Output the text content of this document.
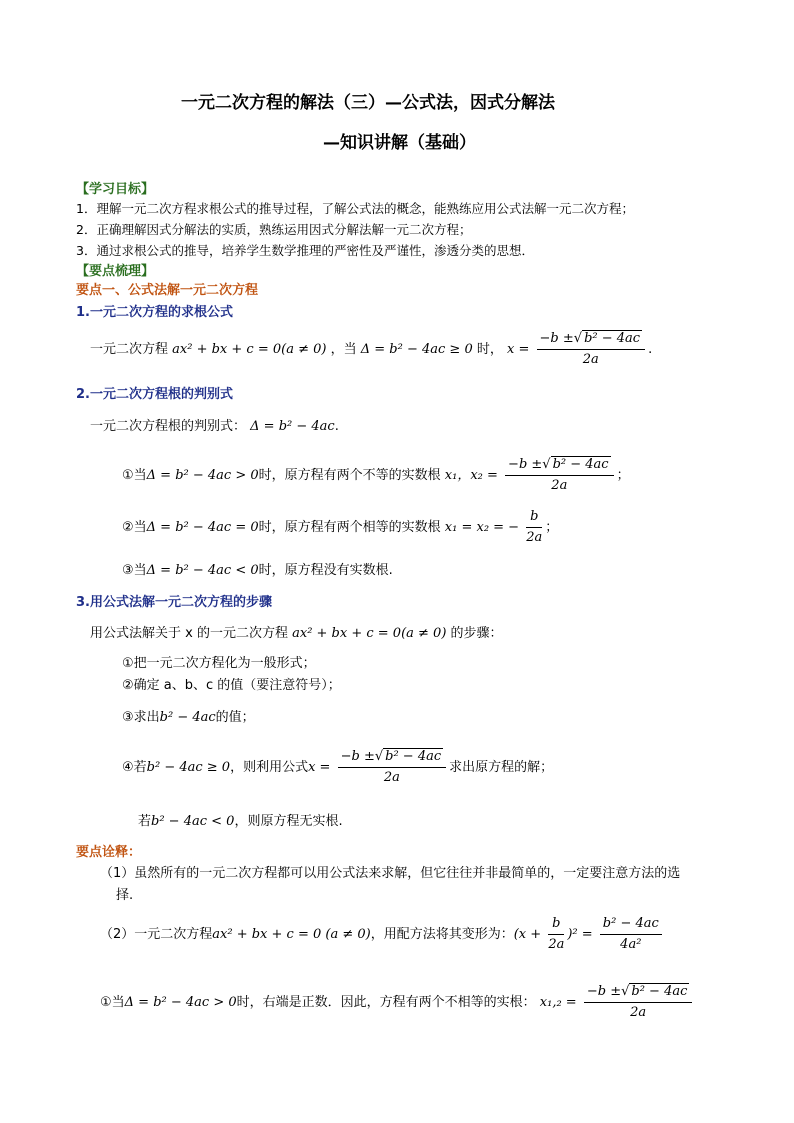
一元二次方程的解法（三）—公式法，因式分解法
—知识讲解（基础）
【学习目标】
1．理解一元二次方程求根公式的推导过程，了解公式法的概念，能熟练应用公式法解一元二次方程；
2．正确理解因式分解法的实质，熟练运用因式分解法解一元二次方程；
3．通过求根公式的推导，培养学生数学推理的严密性及严谨性，渗透分类的思想．
【要点梳理】
要点一、公式法解一元二次方程
1.一元二次方程的求根公式
一元二次方程 ax² + bx + c = 0(a ≠ 0) ，当 Δ = b² − 4ac ≥ 0 时， $x = \frac{\text{−b ±√ b² − 4ac}}{2a}$ .
2.一元二次方程根的判别式
一元二次方程根的判别式： Δ = b² − 4ac.
①当Δ = b² − 4ac > 0时，原方程有两个不等的实数根 x₁，$x_2 = \frac{\text{−b ±√ b² − 4ac}}{2a}$ ；
②当Δ = b² − 4ac = 0时，原方程有两个相等的实数根 x₁ = x₂ = − $\frac{b}{2a}$ ；
③当Δ = b² − 4ac < 0时，原方程没有实数根.
3.用公式法解一元二次方程的步骤
用公式法解关于 x 的一元二次方程 ax² + bx + c = 0(a ≠ 0) 的步骤：
①把一元二次方程化为一般形式；
②确定 a、b、c 的值（要注意符号）；
③求出b² − 4ac的值；
④若b² − 4ac ≥ 0，则利用公式$x = \frac{\text{−b ±√ b² − 4ac}}{2a}$ 求出原方程的解；
若b² − 4ac < 0，则原方程无实根.
要点诠释：
（1）虽然所有的一元二次方程都可以用公式法来求解，但它往往并非最简单的，一定要注意方法的选
择.
（2）一元二次方程ax² + bx + c = 0 (a ≠ 0)，用配方法将其变形为：$(x + \frac{b}{2a} )^2 = \frac{\text{b² − 4ac}}{\text{4a²}}$
①当Δ = b² − 4ac > 0时，右端是正数．因此，方程有两个不相等的实根： $x_1,_2 = \frac{\text{−b ±√ b² − 4ac}}{2a}$
